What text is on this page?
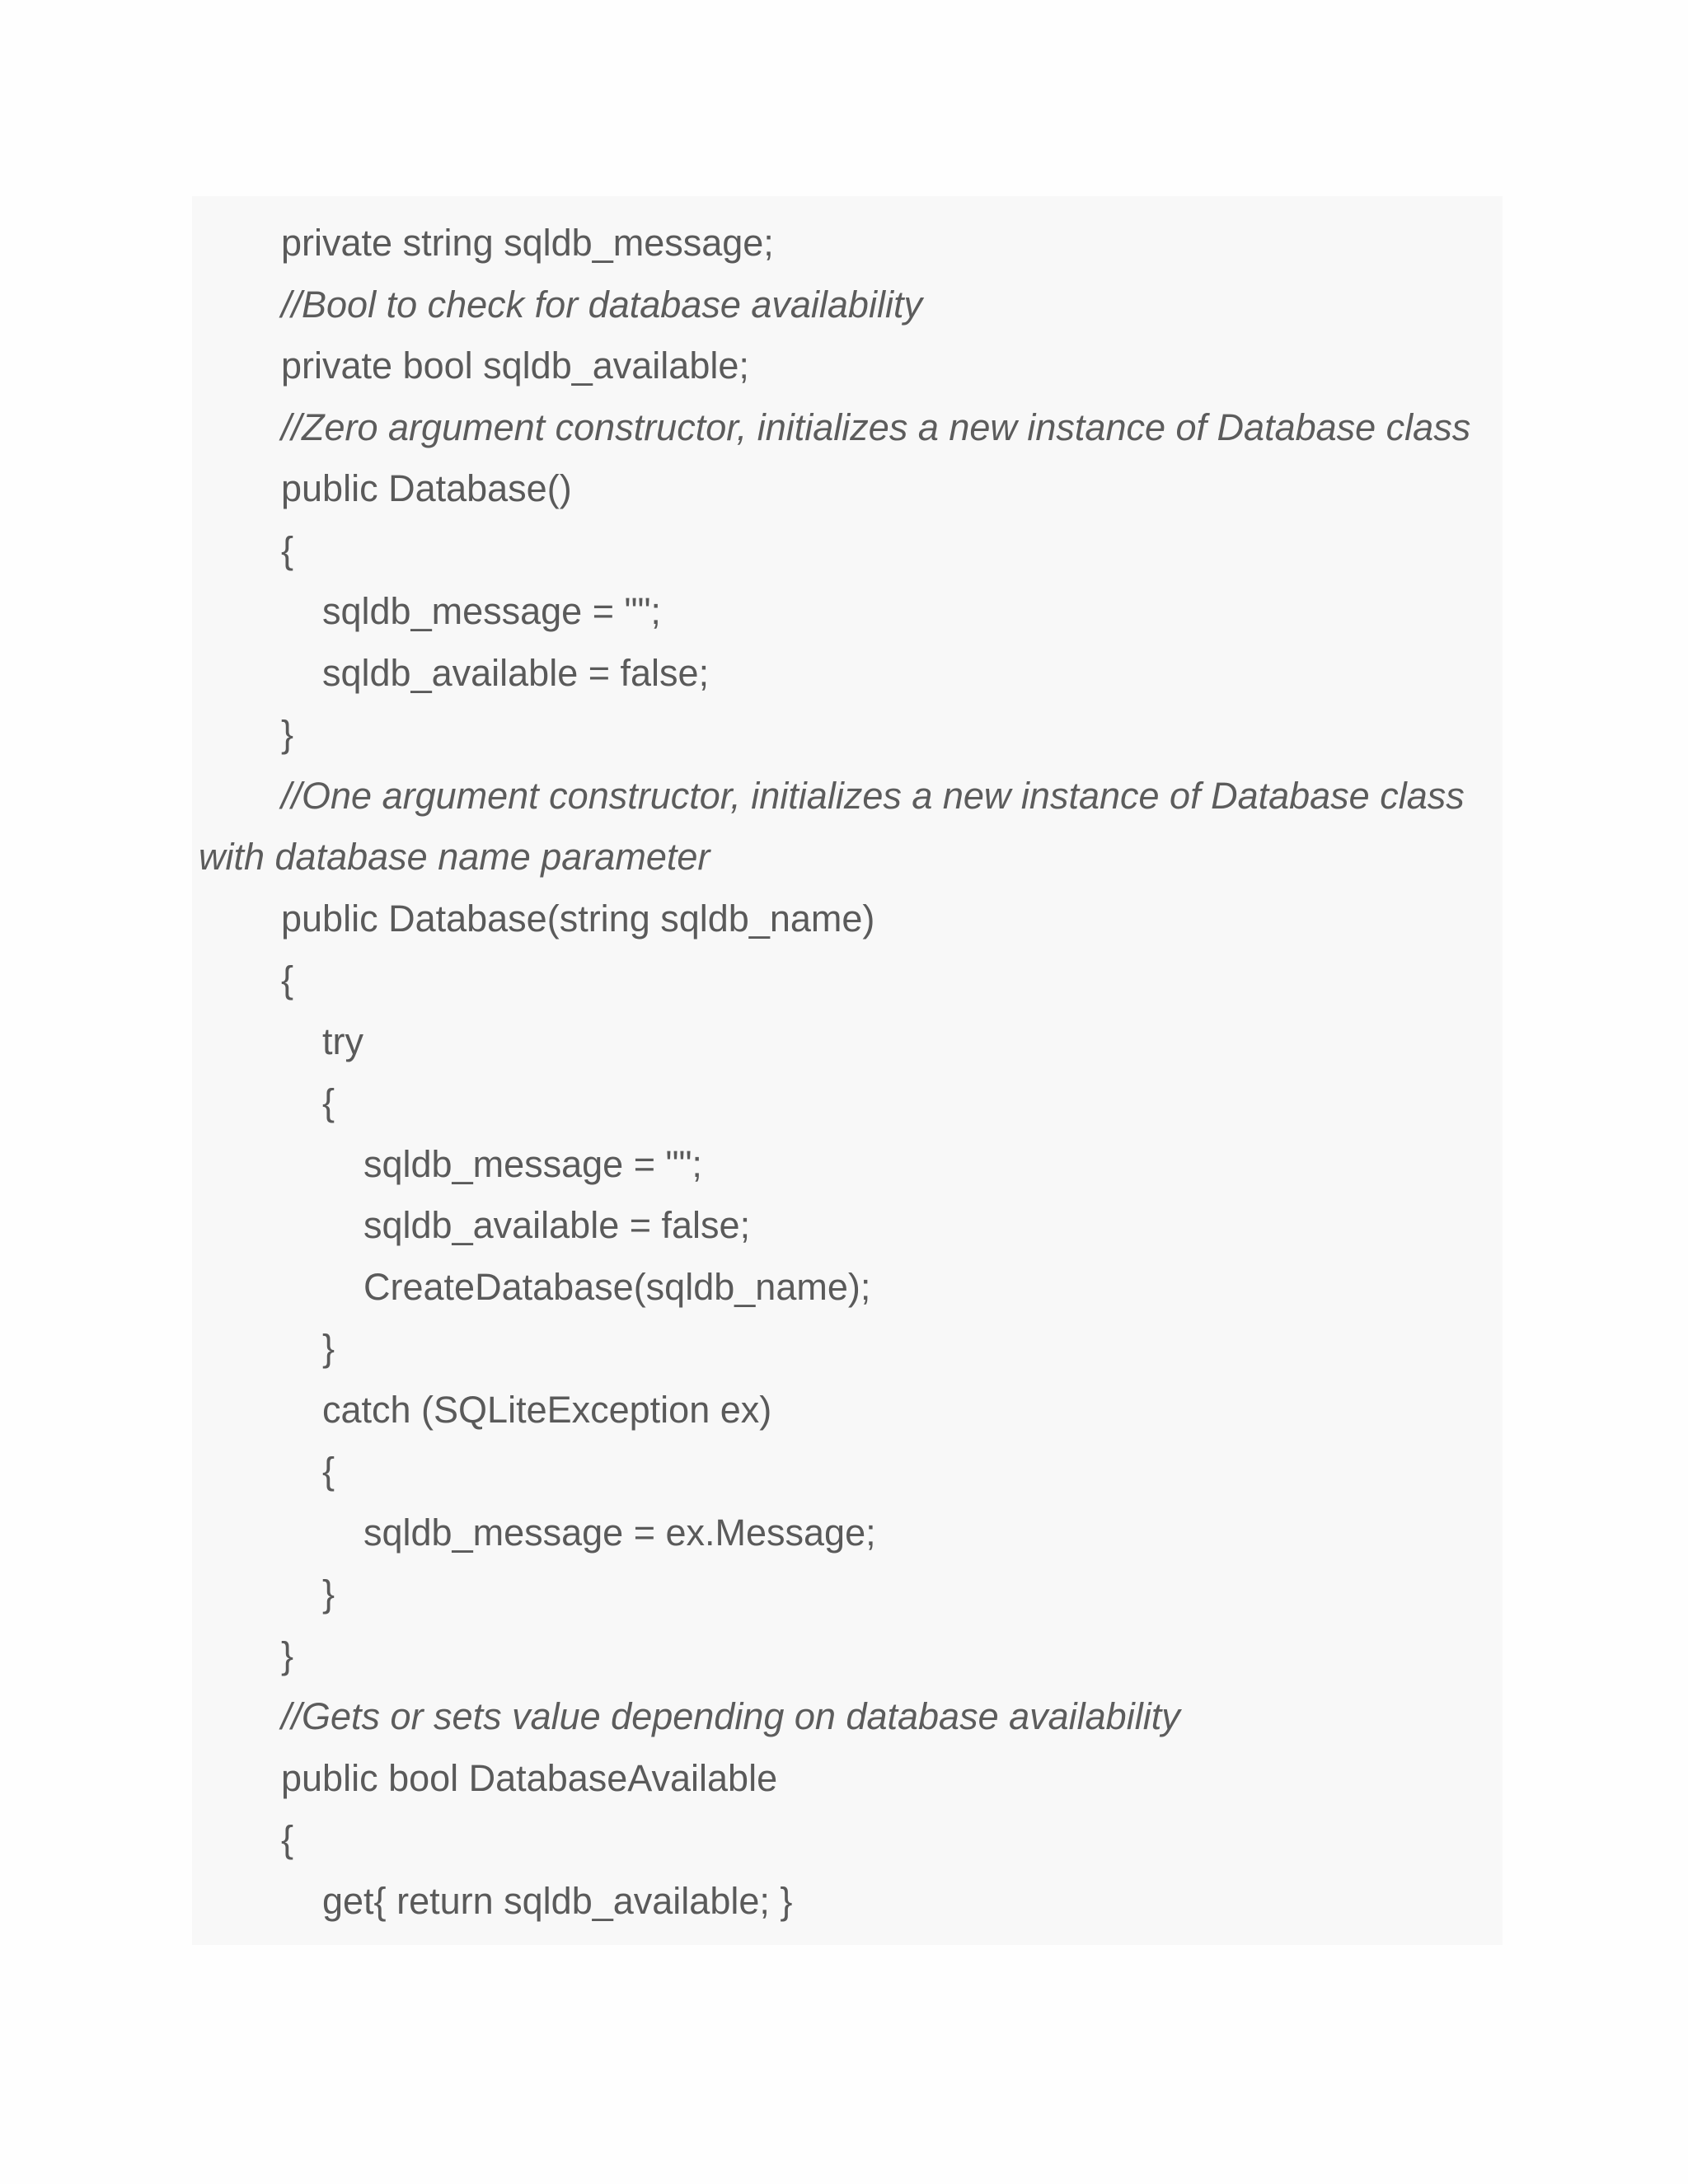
private string sqldb_message;
//Bool to check for database availability
private bool sqldb_available;
//Zero argument constructor, initializes a new instance of Database class
public Database()
{
sqldb_message = "";
sqldb_available = false;
}
//One argument constructor, initializes a new instance of Database class
with database name parameter
public Database(string sqldb_name)
{
try
{
sqldb_message = "";
sqldb_available = false;
CreateDatabase(sqldb_name);
}
catch (SQLiteException ex)
{
sqldb_message = ex.Message;
}
}
//Gets or sets value depending on database availability
public bool DatabaseAvailable
{
get{ return sqldb_available; }
